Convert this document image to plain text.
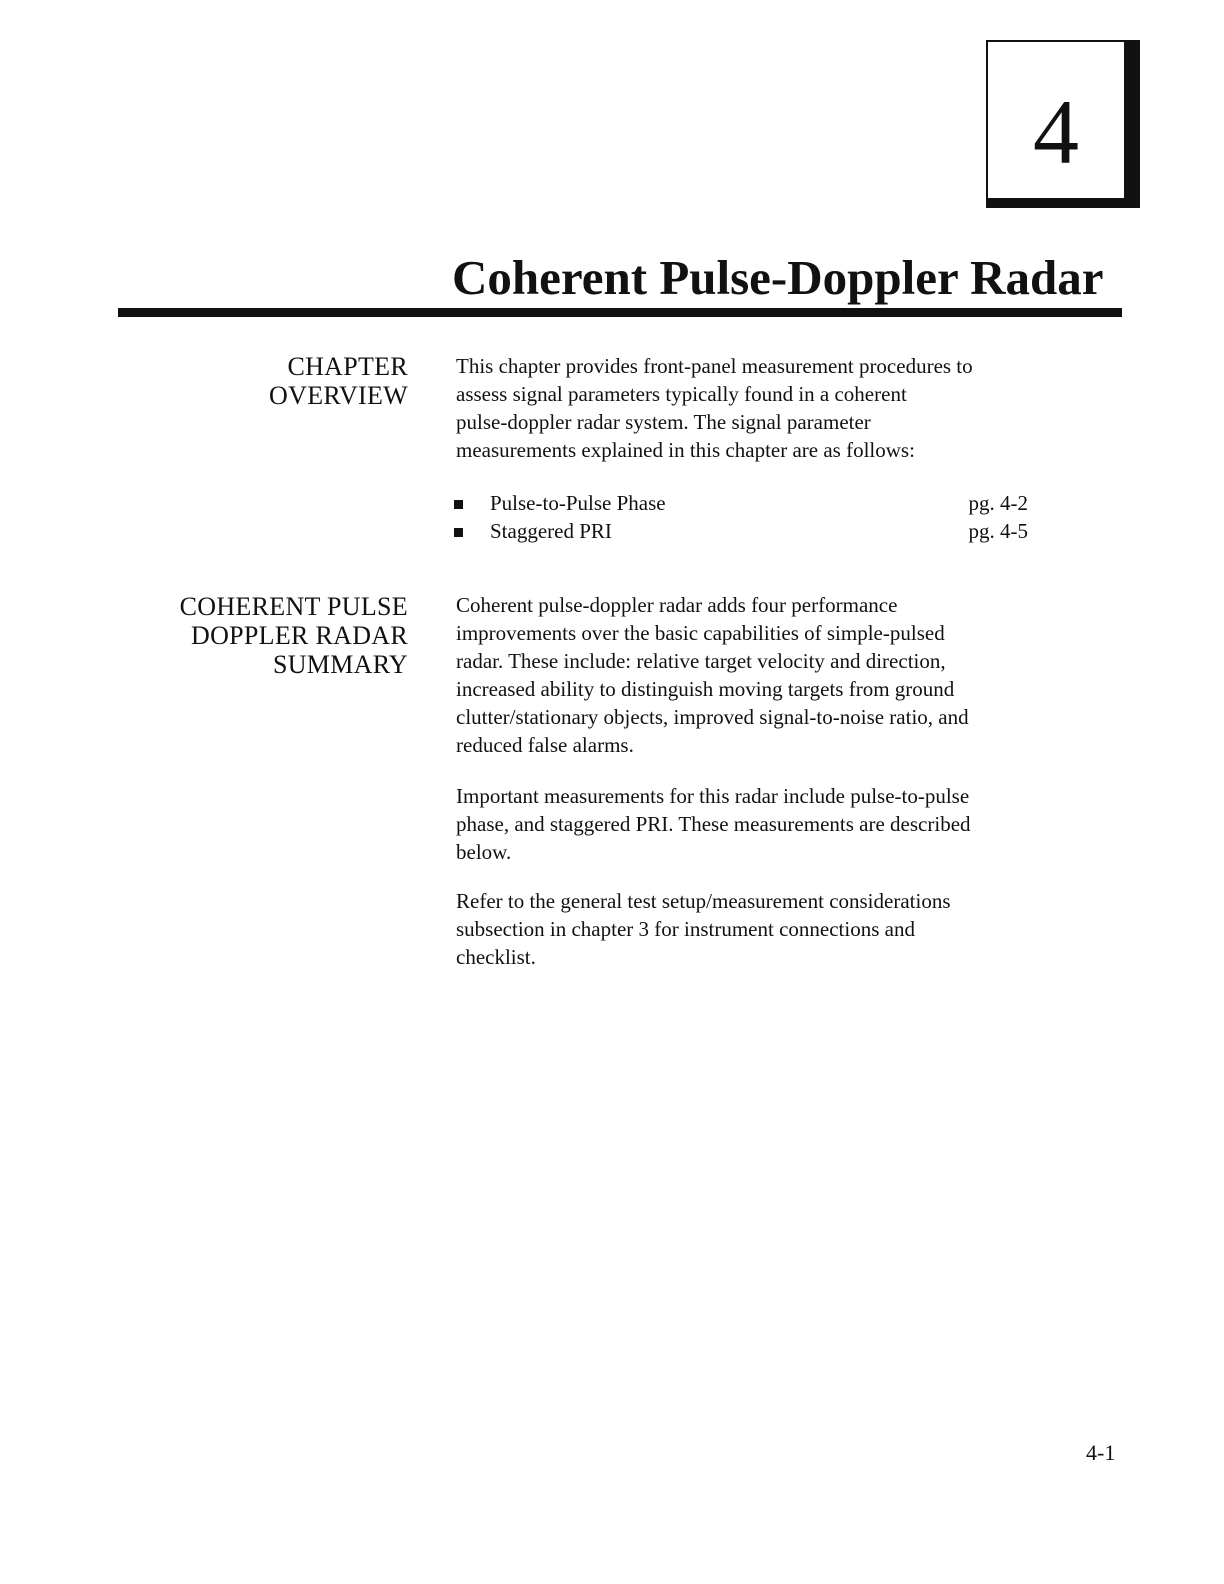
4
Coherent Pulse-Doppler Radar
CHAPTER
OVERVIEW
This chapter provides front-panel measurement procedures to
assess signal parameters typically found in a coherent
pulse-doppler radar system. The signal parameter
measurements explained in this chapter are as follows:
Pulse-to-Pulse Phase	pg. 4-2
Staggered PRI	pg. 4-5
COHERENT PULSE
DOPPLER RADAR
SUMMARY
Coherent pulse-doppler radar adds four performance
improvements over the basic capabilities of simple-pulsed
radar. These include: relative target velocity and direction,
increased ability to distinguish moving targets from ground
clutter/stationary objects, improved signal-to-noise ratio, and
reduced false alarms.
Important measurements for this radar include pulse-to-pulse
phase, and staggered PRI. These measurements are described
below.
Refer to the general test setup/measurement considerations
subsection in chapter 3 for instrument connections and
checklist.
4-1
